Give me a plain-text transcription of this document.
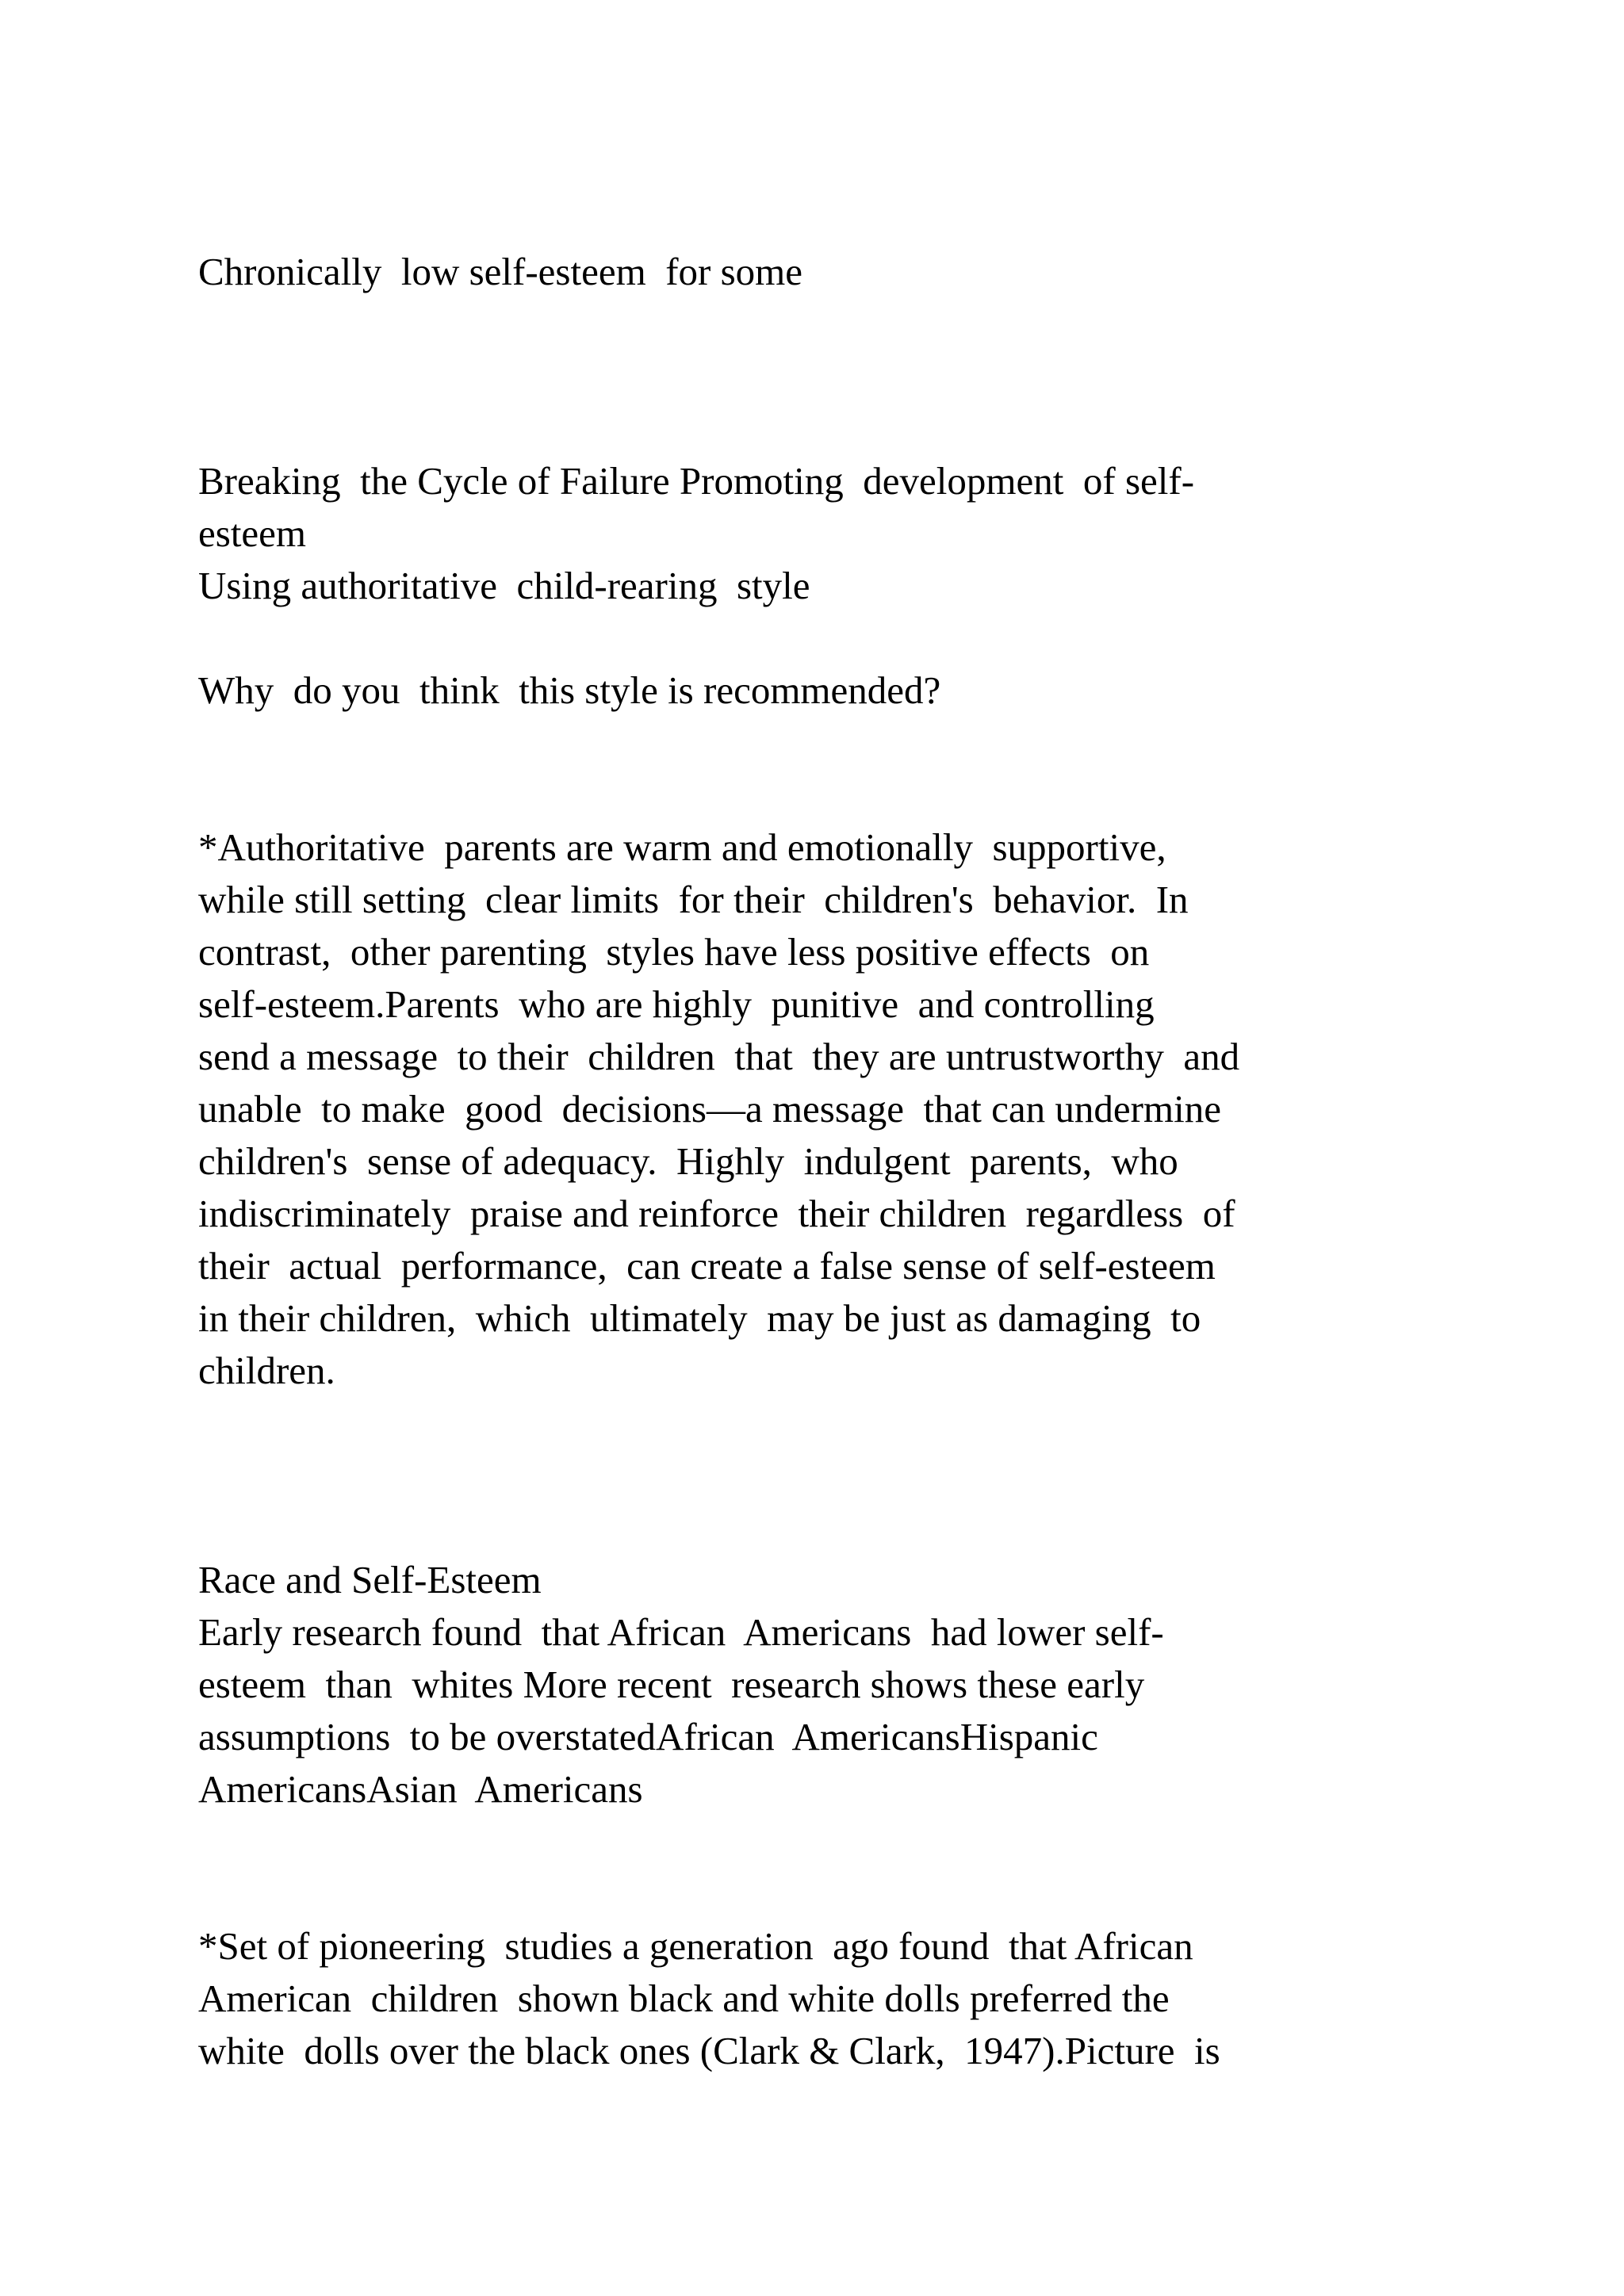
Chronically  low self-esteem  for some

Breaking  the Cycle of Failure Promoting  development  of self-

esteem

Using authoritative  child-rearing  style

Why  do you  think  this style is recommended?

*Authoritative  parents are warm and emotionally  supportive,

while still setting  clear limits  for their  children's  behavior.  In

contrast,  other parenting  styles have less positive effects  on

self-esteem.Parents  who are highly  punitive  and controlling

send a message  to their  children  that  they are untrustworthy  and

unable  to make  good  decisions—a message  that can undermine

children's  sense of adequacy.  Highly  indulgent  parents,  who

indiscriminately  praise and reinforce  their children  regardless  of

their  actual  performance,  can create a false sense of self-esteem

in their children,  which  ultimately  may be just as damaging  to

children.

Race and Self-Esteem

Early research found  that African  Americans  had lower self-

esteem  than  whites More recent  research shows these early

assumptions  to be overstatedAfrican  AmericansHispanic

AmericansAsian  Americans

*Set of pioneering  studies a generation  ago found  that African

American  children  shown black and white dolls preferred the

white  dolls over the black ones (Clark & Clark,  1947).Picture  is
